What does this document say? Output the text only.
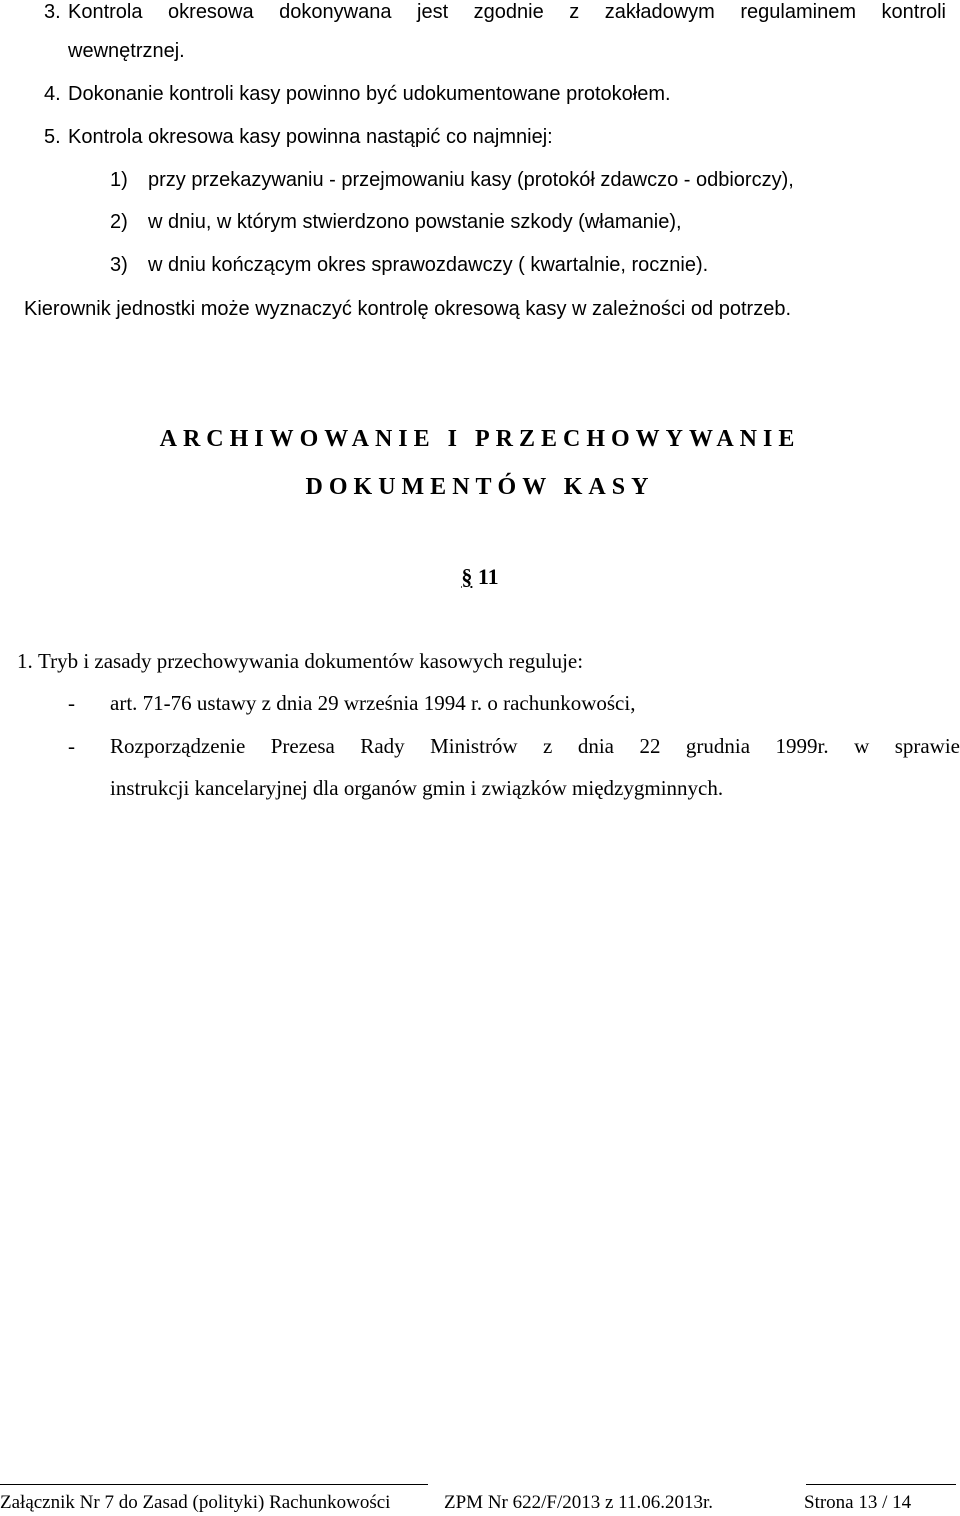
3. Kontrola okresowa dokonywana jest zgodnie z zakładowym regulaminem kontroli
wewnętrznej.
4. Dokonanie kontroli kasy powinno być udokumentowane protokołem.
5. Kontrola okresowa kasy powinna nastąpić co najmniej:
1) przy przekazywaniu - przejmowaniu kasy (protokół zdawczo - odbiorczy),
2) w dniu, w którym stwierdzono powstanie szkody (włamanie),
3) w dniu kończącym okres sprawozdawczy ( kwartalnie, rocznie).
Kierownik jednostki może wyznaczyć kontrolę okresową kasy w zależności od potrzeb.
ARCHIWOWANIE I PRZECHOWYWANIE
DOKUMENTÓW KASY
§ 11
1. Tryb i zasady przechowywania dokumentów kasowych reguluje:
- art. 71-76 ustawy z dnia 29 września 1994 r. o rachunkowości,
- Rozporządzenie Prezesa Rady Ministrów z dnia 22 grudnia 1999r. w sprawie
instrukcji kancelaryjnej dla organów gmin i związków międzygminnych.
Załącznik Nr 7 do Zasad (polityki) Rachunkowości	ZPM Nr 622/F/2013 z 11.06.2013r.	Strona 13 / 14
